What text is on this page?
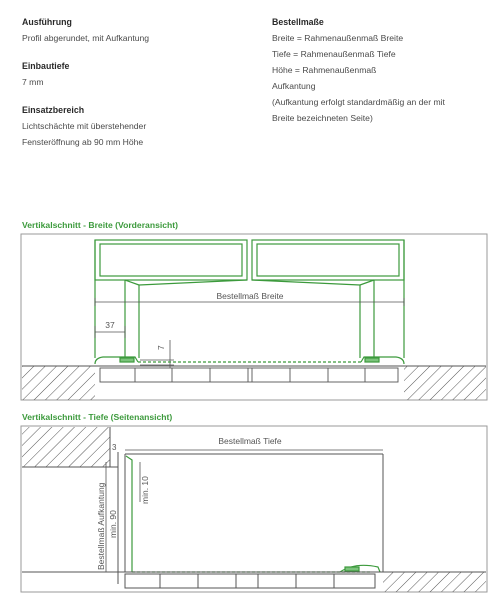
Ausführung
Profil abgerundet, mit Aufkantung
Einbautiefe
7 mm
Einsatzbereich
Lichtschächte mit überstehender
Fensteröffnung ab 90 mm Höhe
Bestellmaße
Breite = Rahmenaußenmaß Breite
Tiefe = Rahmenaußenmaß Tiefe
Höhe = Rahmenaußenmaß
Aufkantung
(Aufkantung erfolgt standardmäßig an der mit
Breite bezeichneten Seite)
Vertikalschnitt - Breite (Vorderansicht)
Bestellmaß Breite
37
7
Vertikalschnitt - Tiefe (Seitenansicht)
3
Bestellmaß Tiefe
min. 10
Bestellmaß Aufkantung min. 90
